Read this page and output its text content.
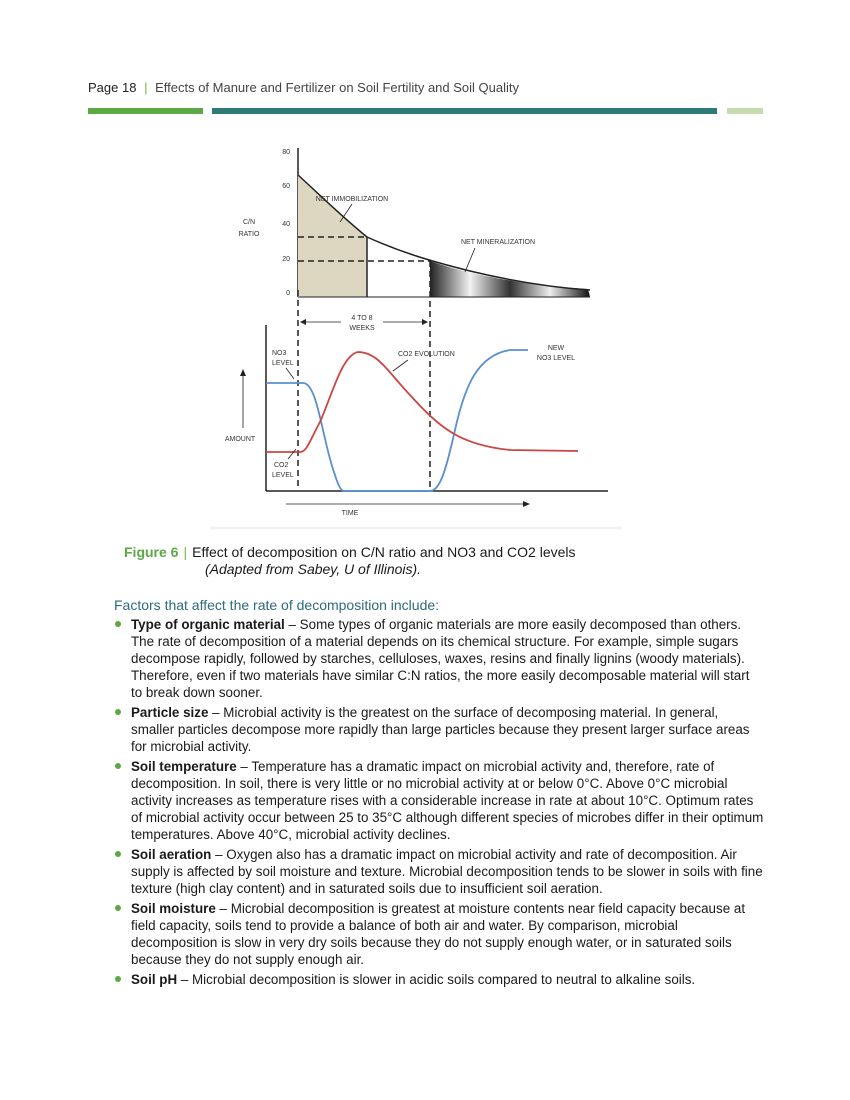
Page 18 | Effects of Manure and Fertilizer on Soil Fertility and Soil Quality
80
60
40
20
0
C/N
RATIO
NET IMMOBILIZATION
NET MINERALIZATION
4 TO 8
WEEKS
AMOUNT
TIME
NO3
LEVEL
CO2 EVOLUTION
NEW
NO3 LEVEL
CO2
LEVEL
Figure 6 | Effect of decomposition on C/N ratio and NO3 and CO2 levels
(Adapted from Sabey, U of Illinois).
Factors that affect the rate of decomposition include:
Type of organic material – Some types of organic materials are more easily decomposed than others. The rate of decomposition of a material depends on its chemical structure. For example, simple sugars decompose rapidly, followed by starches, celluloses, waxes, resins and finally lignins (woody materials). Therefore, even if two materials have similar C:N ratios, the more easily decomposable material will start to break down sooner.
Particle size – Microbial activity is the greatest on the surface of decomposing material. In general, smaller particles decompose more rapidly than large particles because they present larger surface areas for microbial activity.
Soil temperature – Temperature has a dramatic impact on microbial activity and, therefore, rate of decomposition. In soil, there is very little or no microbial activity at or below 0°C. Above 0°C microbial activity increases as temperature rises with a considerable increase in rate at about 10°C. Optimum rates of microbial activity occur between 25 to 35°C although different species of microbes differ in their optimum temperatures. Above 40°C, microbial activity declines.
Soil aeration – Oxygen also has a dramatic impact on microbial activity and rate of decomposition. Air supply is affected by soil moisture and texture. Microbial decomposition tends to be slower in soils with fine texture (high clay content) and in saturated soils due to insufficient soil aeration.
Soil moisture – Microbial decomposition is greatest at moisture contents near field capacity because at field capacity, soils tend to provide a balance of both air and water. By comparison, microbial decomposition is slow in very dry soils because they do not supply enough water, or in saturated soils because they do not supply enough air.
Soil pH – Microbial decomposition is slower in acidic soils compared to neutral to alkaline soils.
